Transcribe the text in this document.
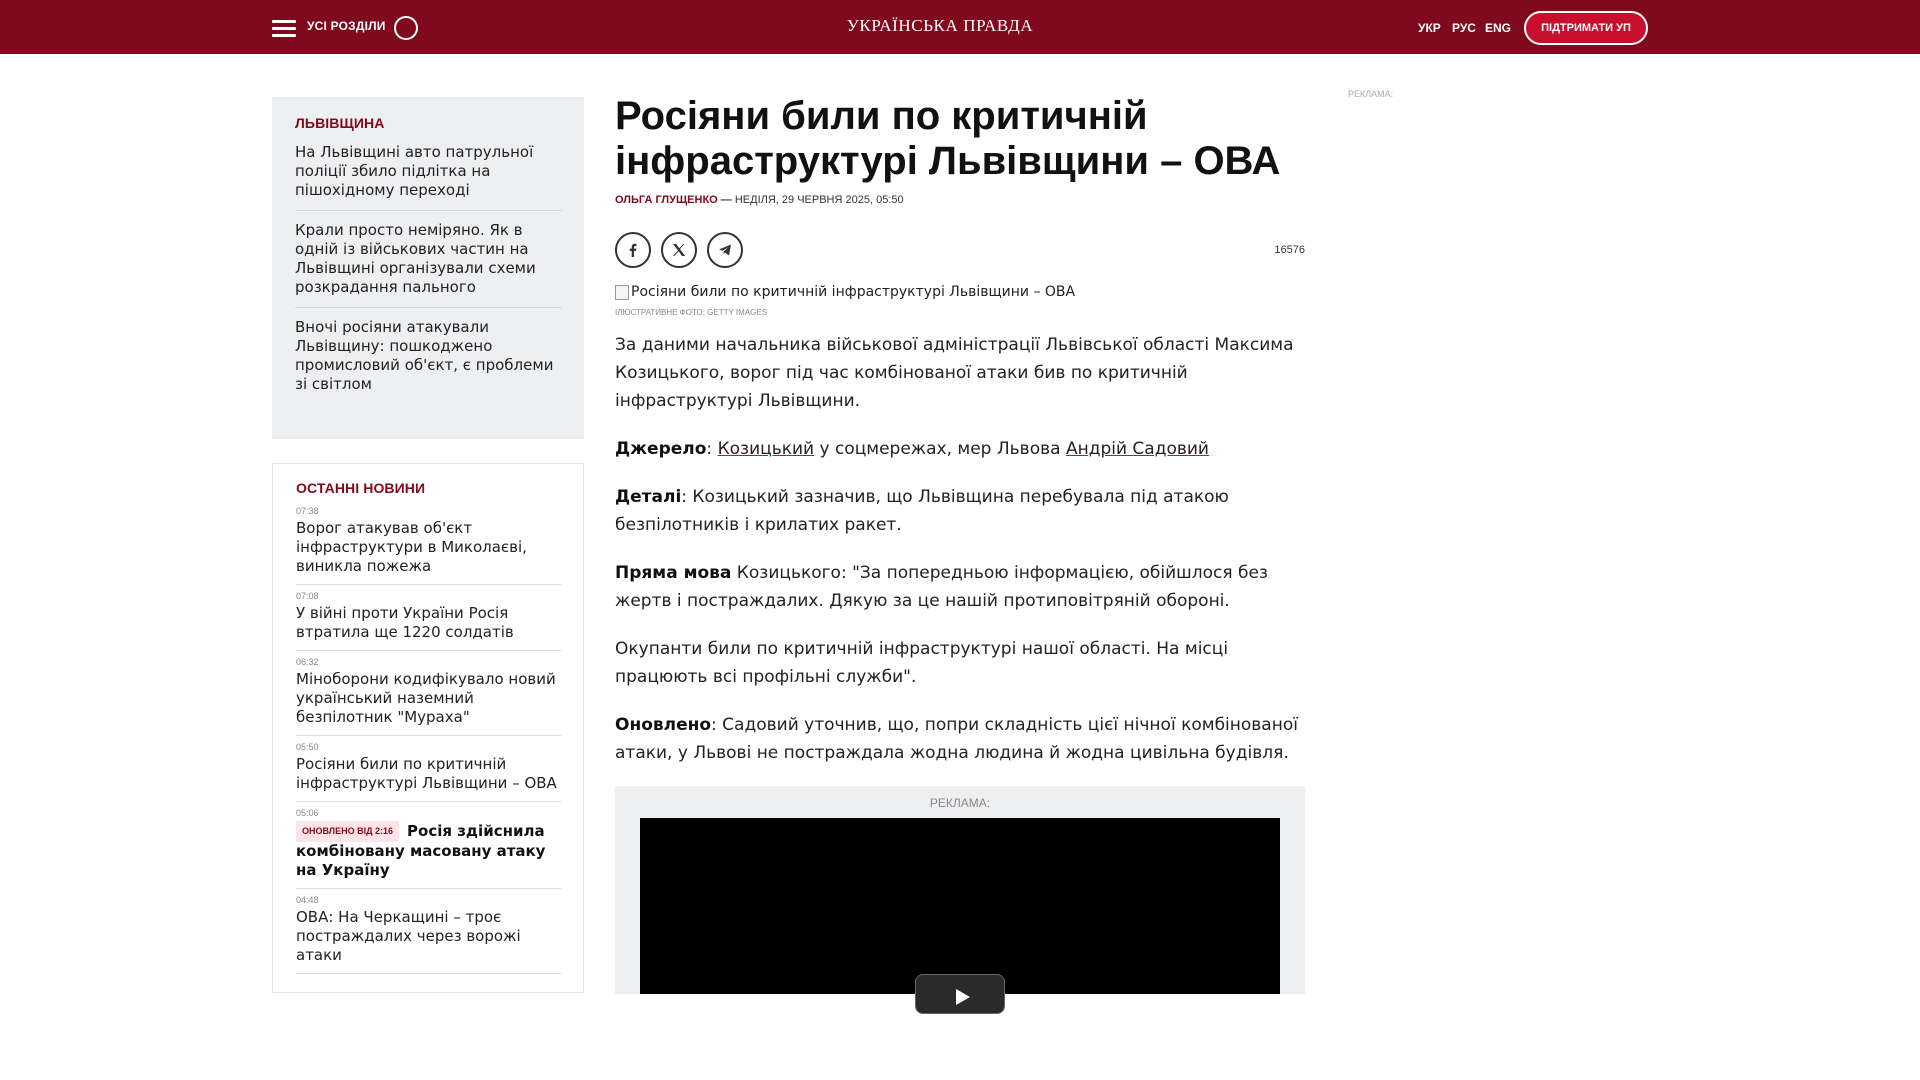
УСІ РОЗДІЛИ	УКРАЇНСЬКА ПРАВДА	УКР РУС ENG	ПІДТРИМАТИ УП
ЛЬВІВЩИНА
На Львівщині авто патрульної поліції збило підлітка на пішохідному переході
Крали просто неміряно. Як в одній із військових частин на Львівщині організували схеми розкрадання пального
Вночі росіяни атакували Львівщину: пошкоджено промисловий об'єкт, є проблеми зі світлом
ОСТАННІ НОВИНИ
07:38
Ворог атакував об'єкт інфраструктури в Миколаєві, виникла пожежа
07:08
У війні проти України Росія втратила ще 1220 солдатів
06:32
Міноборони кодифікувало новий український наземний безпілотник "Мураха"
05:50
Росіяни били по критичній інфраструктурі Львівщини – ОВА
05:06
ОНОВЛЕНО ВІД 2:16 Росія здійснила комбіновану масовану атаку на Україну
04:48
ОВА: На Черкащині – троє постраждалих через ворожі атаки
Росіяни били по критичній інфраструктурі Львівщини – ОВА
ОЛЬГА ГЛУЩЕНКО — НЕДІЛЯ, 29 ЧЕРВНЯ 2025, 05:50
16576
Росіяни били по критичній інфраструктурі Львівщини – ОВА
ІЛЮСТРАТИВНЕ ФОТО: GETTY IMAGES

За даними начальника військової адміністрації Львівської області Максима Козицького, ворог під час комбінованої атаки бив по критичній інфраструктурі Львівщини.

Джерело: Козицький у соцмережах, мер Львова Андрій Садовий

Деталі: Козицький зазначив, що Львівщина перебувала під атакою безпілотників і крилатих ракет.

Пряма мова Козицького: "За попередньою інформацією, обійшлося без жертв і постраждалих. Дякую за це нашій протиповітряній обороні.

Окупанти били по критичній інфраструктурі нашої області. На місці працюють всі профільні служби".

Оновлено: Садовий уточнив, що, попри складність цієї нічної комбінованої атаки, у Львові не постраждала жодна людина й жодна цивільна будівля.

РЕКЛАМА:
РЕКЛАМА:
